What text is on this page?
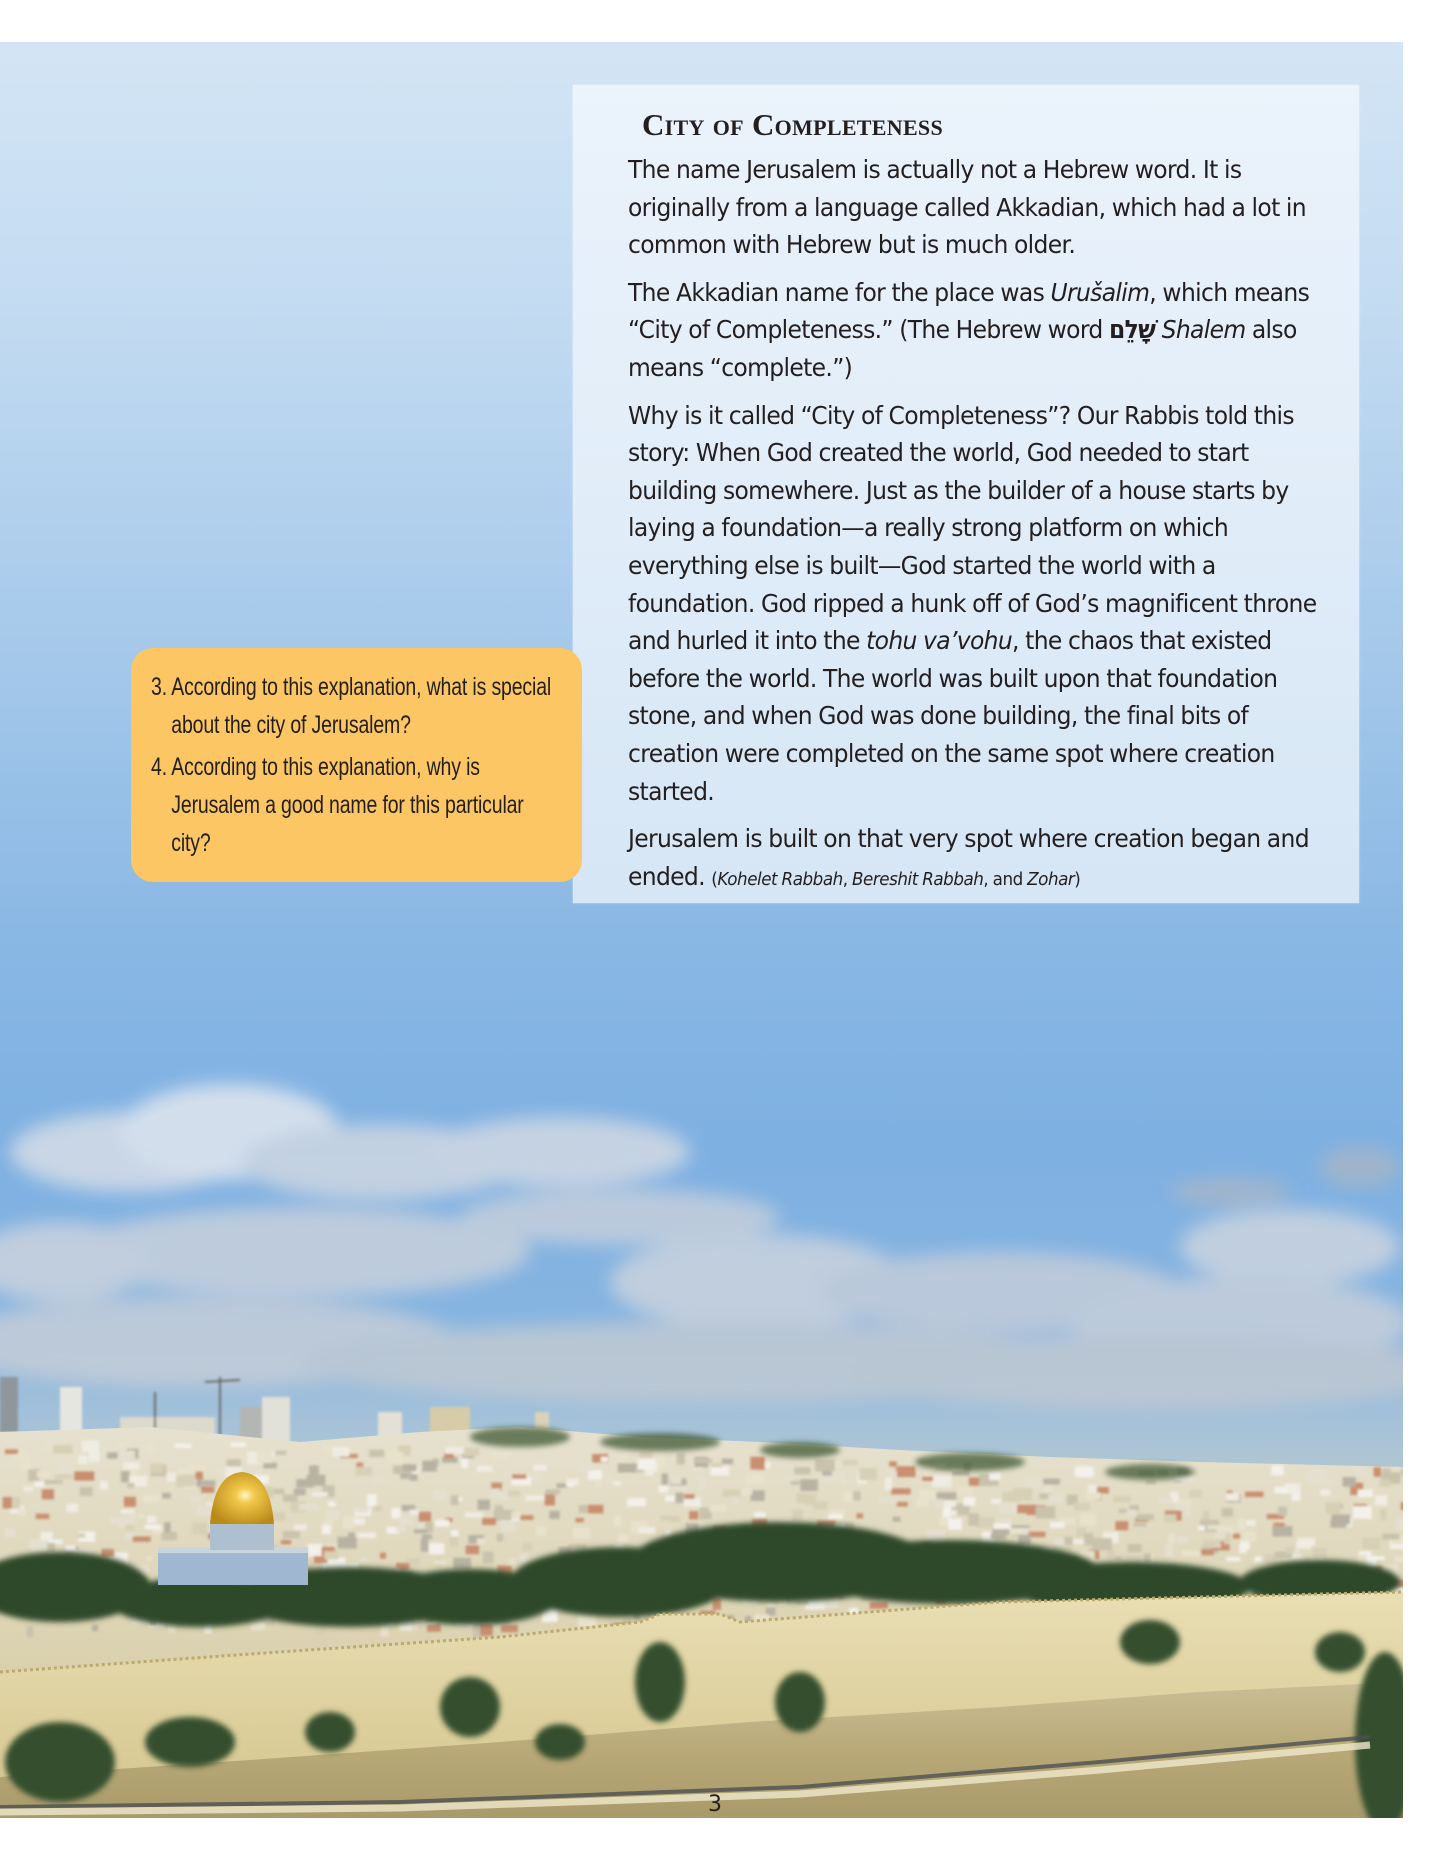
City of Completeness

The name Jerusalem is actually not a Hebrew word. It is originally from a language called Akkadian, which had a lot in common with Hebrew but is much older.

The Akkadian name for the place was Urušalim, which means “City of Completeness.” (The Hebrew word שָׁלֵם Shalem also means “complete.”)

Why is it called “City of Completeness”? Our Rabbis told this story: When God created the world, God needed to start building somewhere. Just as the builder of a house starts by laying a foundation—a really strong platform on which everything else is built—God started the world with a foundation. God ripped a hunk off of God’s magnificent throne and hurled it into the tohu va’vohu, the chaos that existed before the world. The world was built upon that foundation stone, and when God was done building, the final bits of creation were completed on the same spot where creation started.

Jerusalem is built on that very spot where creation began and ended. (Kohelet Rabbah, Bereshit Rabbah, and Zohar)

3. According to this explanation, what is special about the city of Jerusalem?
4. According to this explanation, why is Jerusalem a good name for this particular city?
3
